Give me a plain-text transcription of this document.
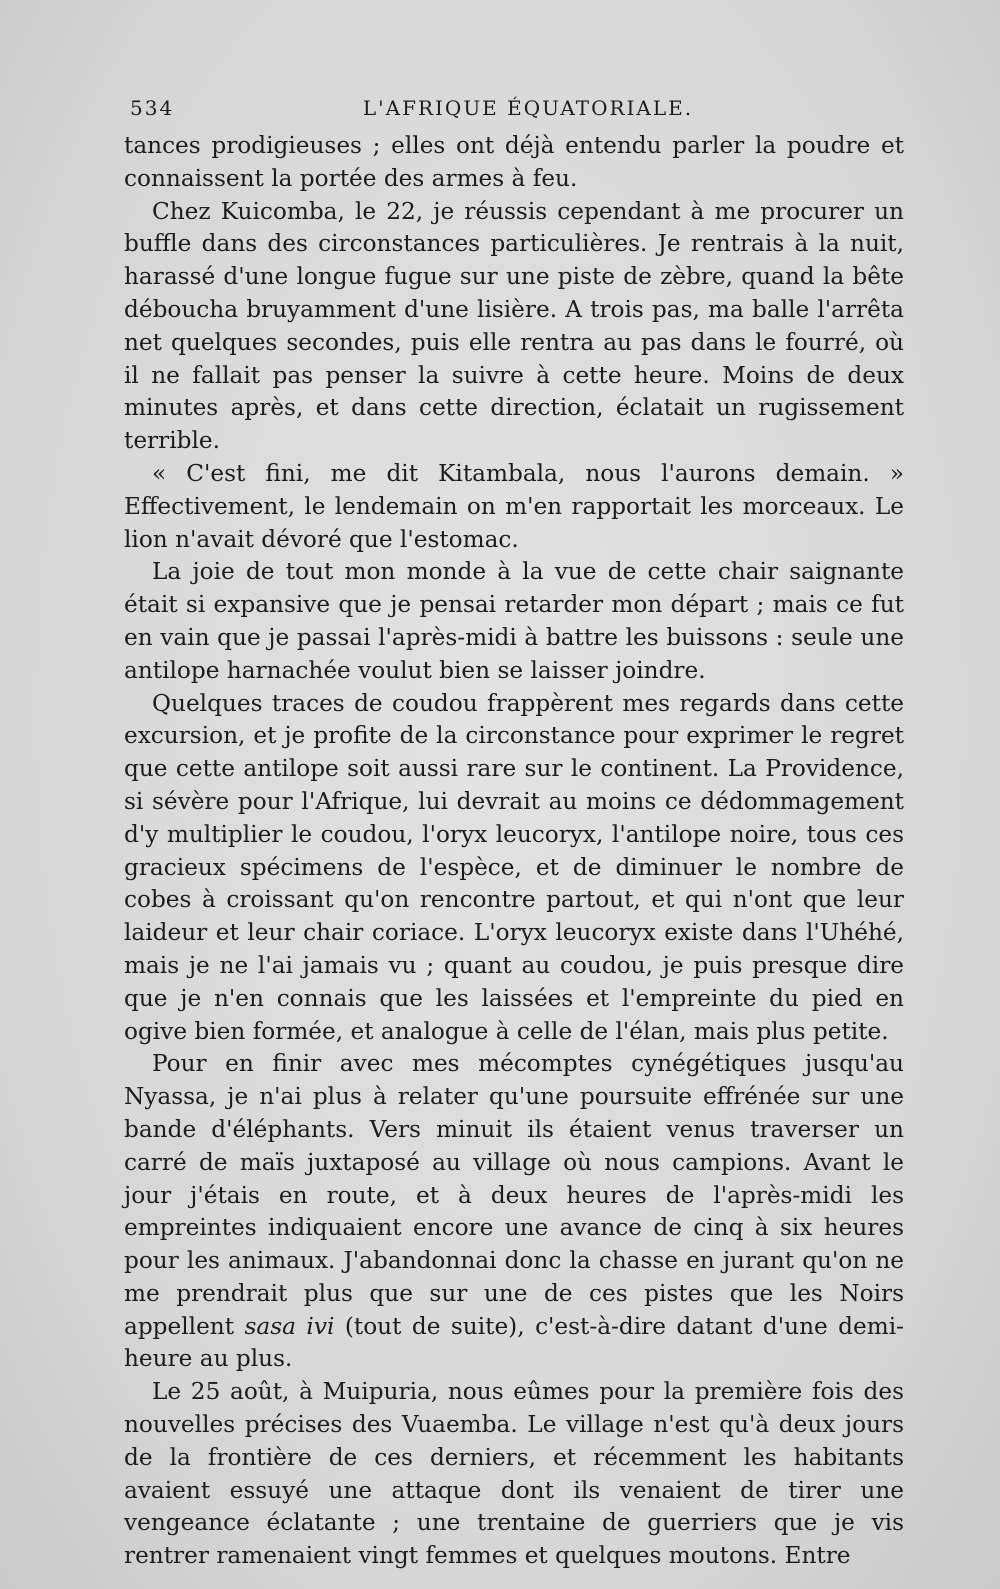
534	L'AFRIQUE ÉQUATORIALE.

tances prodigieuses ; elles ont déjà entendu parler la poudre et connaissent la portée des armes à feu.

Chez Kuicomba, le 22, je réussis cependant à me procurer un buffle dans des circonstances particulières. Je rentrais à la nuit, harassé d'une longue fugue sur une piste de zèbre, quand la bête déboucha bruyamment d'une lisière. A trois pas, ma balle l'arrêta net quelques secondes, puis elle rentra au pas dans le fourré, où il ne fallait pas penser la suivre à cette heure. Moins de deux minutes après, et dans cette direction, éclatait un rugissement terrible.

« C'est fini, me dit Kitambala, nous l'aurons demain. » Effectivement, le lendemain on m'en rapportait les morceaux. Le lion n'avait dévoré que l'estomac.

La joie de tout mon monde à la vue de cette chair saignante était si expansive que je pensai retarder mon départ ; mais ce fut en vain que je passai l'après-midi à battre les buissons : seule une antilope harnachée voulut bien se laisser joindre.

Quelques traces de coudou frappèrent mes regards dans cette excursion, et je profite de la circonstance pour exprimer le regret que cette antilope soit aussi rare sur le continent. La Providence, si sévère pour l'Afrique, lui devrait au moins ce dédommagement d'y multiplier le coudou, l'oryx leucoryx, l'antilope noire, tous ces gracieux spécimens de l'espèce, et de diminuer le nombre de cobes à croissant qu'on rencontre partout, et qui n'ont que leur laideur et leur chair coriace. L'oryx leucoryx existe dans l'Uhéhé, mais je ne l'ai jamais vu ; quant au coudou, je puis presque dire que je n'en connais que les laissées et l'empreinte du pied en ogive bien formée, et analogue à celle de l'élan, mais plus petite.

Pour en finir avec mes mécomptes cynégétiques jusqu'au Nyassa, je n'ai plus à relater qu'une poursuite effrénée sur une bande d'éléphants. Vers minuit ils étaient venus traverser un carré de maïs juxtaposé au village où nous campions. Avant le jour j'étais en route, et à deux heures de l'après-midi les empreintes indiquaient encore une avance de cinq à six heures pour les animaux. J'abandonnai donc la chasse en jurant qu'on ne me prendrait plus que sur une de ces pistes que les Noirs appellent sasa ivi (tout de suite), c'est-à-dire datant d'une demi-heure au plus.

Le 25 août, à Muipuria, nous eûmes pour la première fois des nouvelles précises des Vuaemba. Le village n'est qu'à deux jours de la frontière de ces derniers, et récemment les habitants avaient essuyé une attaque dont ils venaient de tirer une vengeance éclatante ; une trentaine de guerriers que je vis rentrer ramenaient vingt femmes et quelques moutons. Entre
